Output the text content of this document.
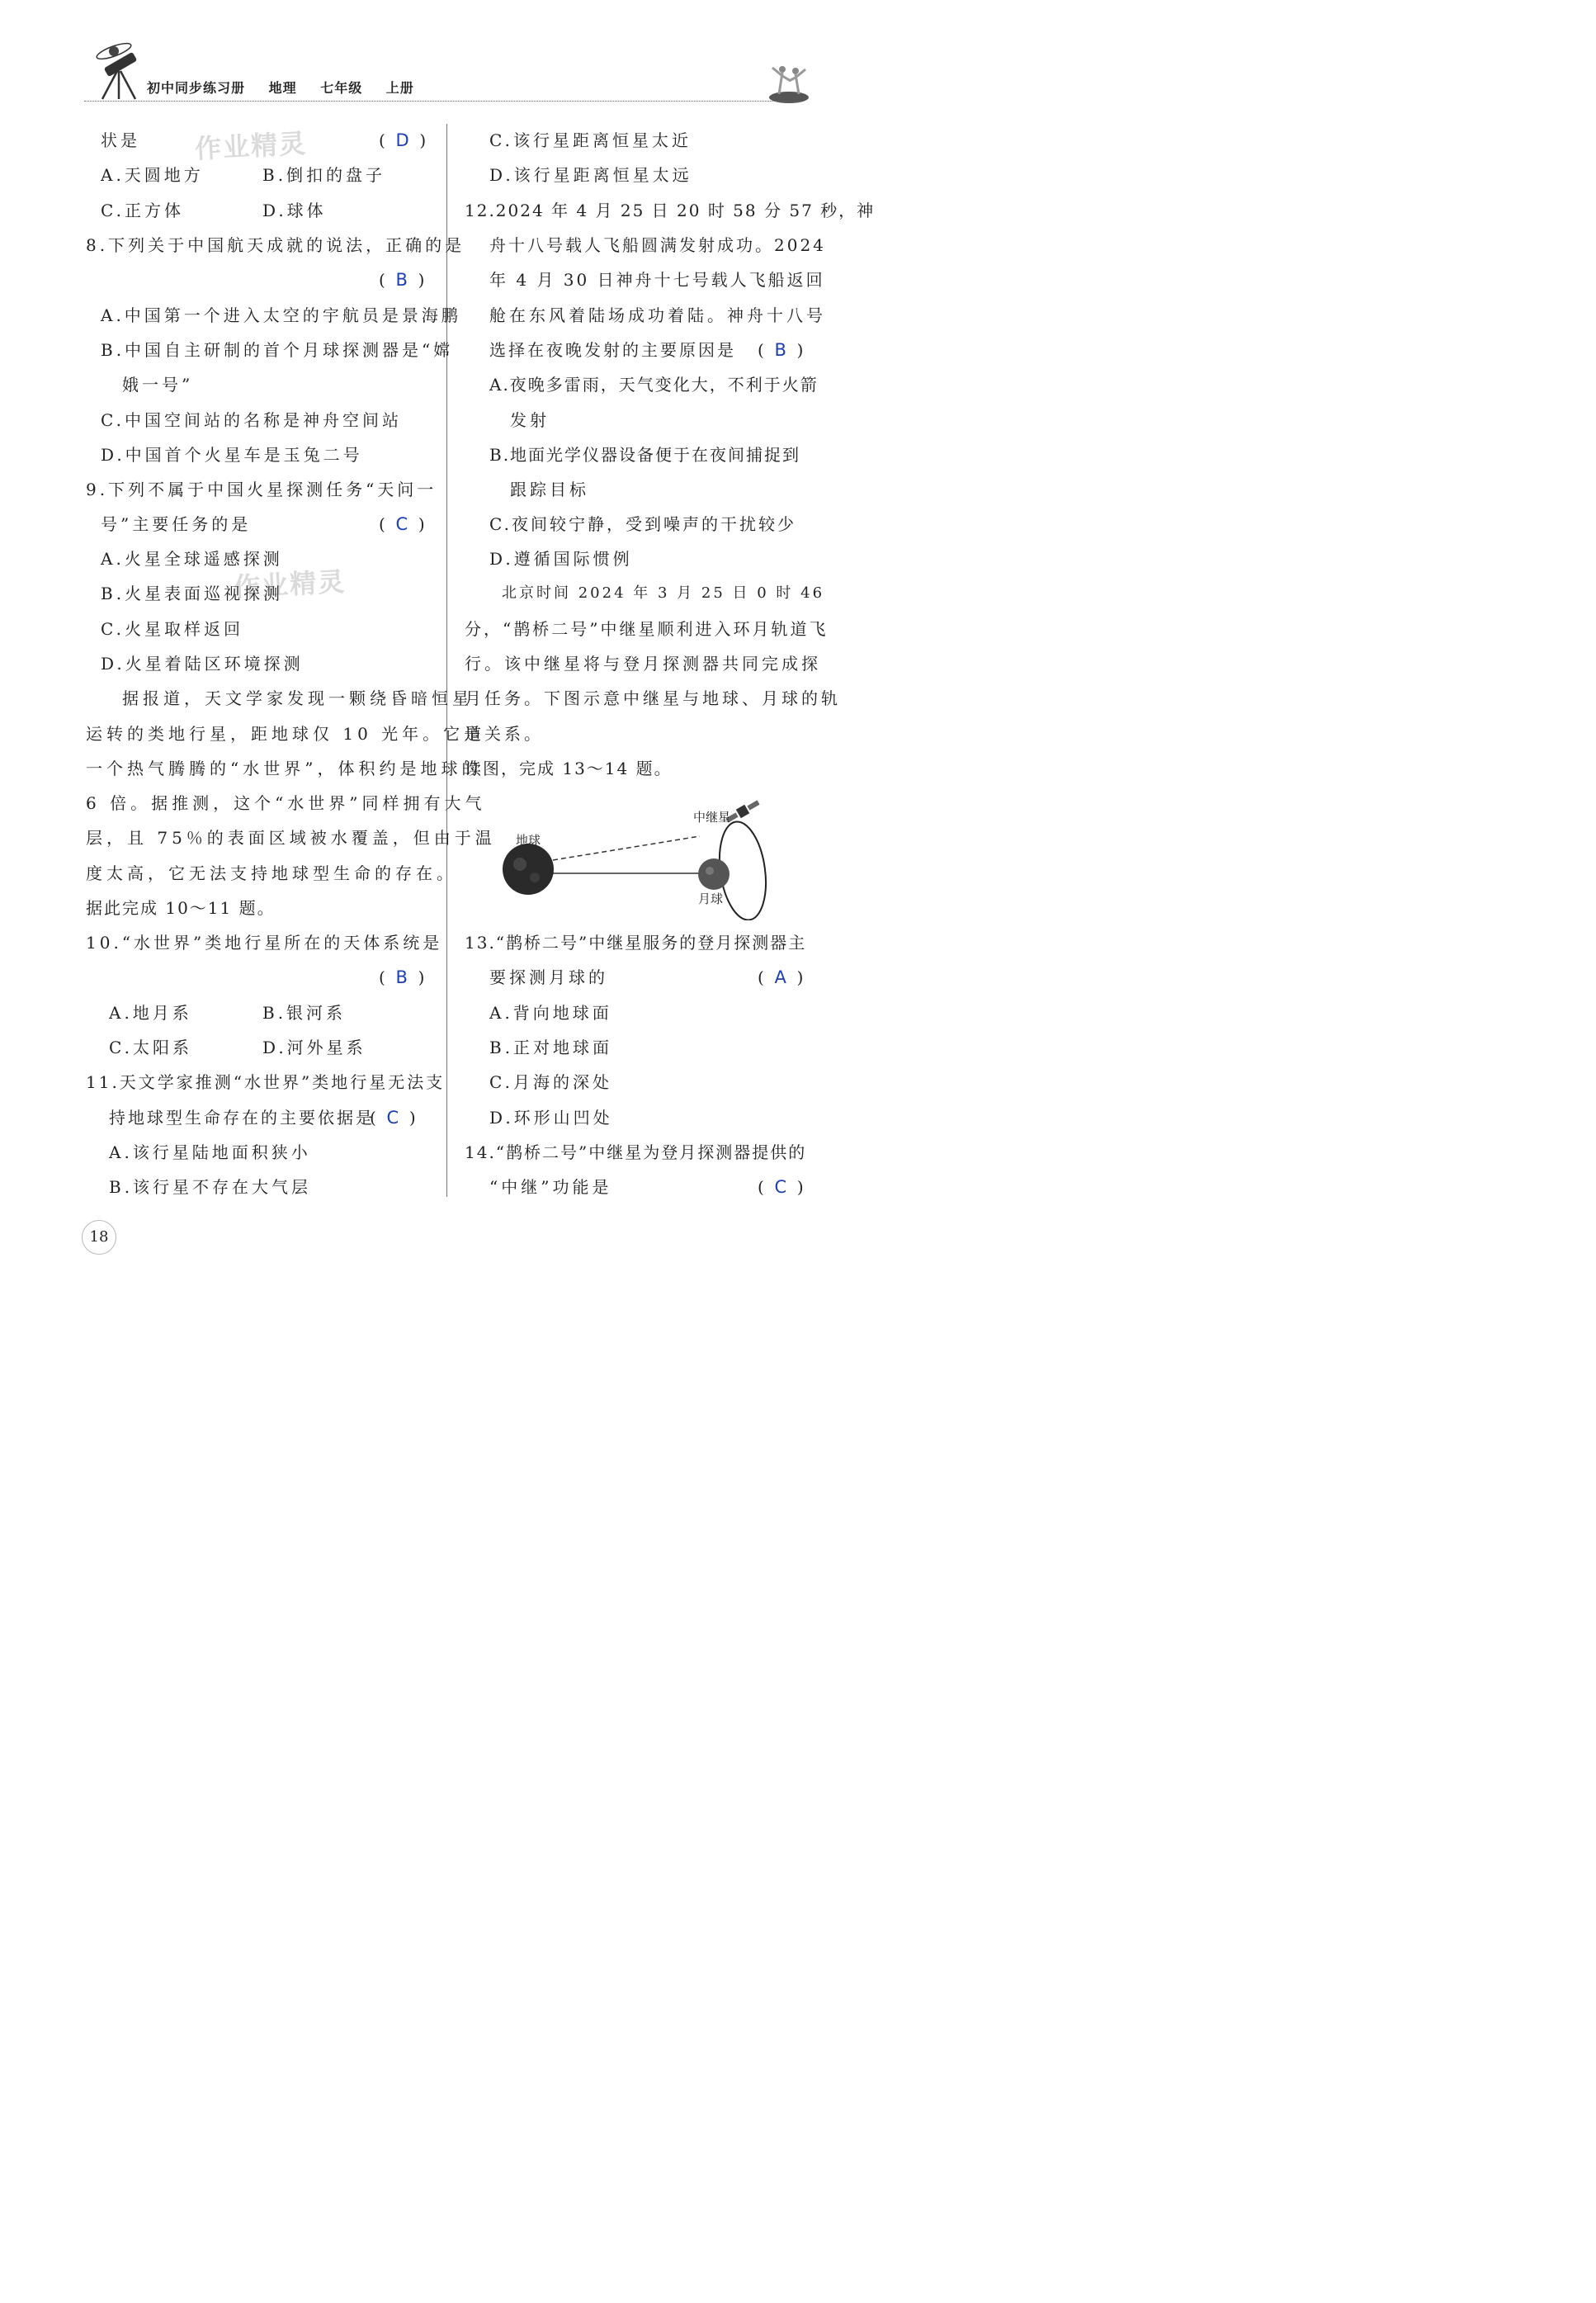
初中同步练习册 地理 七年级 上册
作业精灵
作业精灵
状是	(  D  )
A.天圆地方	B.倒扣的盘子
C.正方体	D.球体
8.下列关于中国航天成就的说法，正确的是
(  B  )
A.中国第一个进入太空的宇航员是景海鹏
B.中国自主研制的首个月球探测器是“嫦
娥一号”
C.中国空间站的名称是神舟空间站
D.中国首个火星车是玉兔二号
9.下列不属于中国火星探测任务“天问一
号”主要任务的是	(  C  )
A.火星全球遥感探测
B.火星表面巡视探测
C.火星取样返回
D.火星着陆区环境探测
据报道，天文学家发现一颗绕昏暗恒星
运转的类地行星，距地球仅 10 光年。它是
一个热气腾腾的“水世界”，体积约是地球的
6 倍。据推测，这个“水世界”同样拥有大气
层，且 75％的表面区域被水覆盖，但由于温
度太高，它无法支持地球型生命的存在。
据此完成 10～11 题。
10.“水世界”类地行星所在的天体系统是
(  B  )
A.地月系	B.银河系
C.太阳系	D.河外星系
11.天文学家推测“水世界”类地行星无法支
持地球型生命存在的主要依据是
(  C  )
A.该行星陆地面积狭小
B.该行星不存在大气层
C.该行星距离恒星太近
D.该行星距离恒星太远
12.2024 年 4 月 25 日 20 时 58 分 57 秒，神
舟十八号载人飞船圆满发射成功。2024
年 4 月 30 日神舟十七号载人飞船返回
舱在东风着陆场成功着陆。神舟十八号
选择在夜晚发射的主要原因是 (  B  )
A.夜晚多雷雨，天气变化大，不利于火箭
发射
B.地面光学仪器设备便于在夜间捕捉到
跟踪目标
C.夜间较宁静，受到噪声的干扰较少
D.遵循国际惯例
北京时间 2024 年 3 月 25 日 0 时 46
分，“鹊桥二号”中继星顺利进入环月轨道飞
行。该中继星将与登月探测器共同完成探
月任务。下图示意中继星与地球、月球的轨
道关系。
读图，完成 13～14 题。
地球
月球
中继星
13.“鹊桥二号”中继星服务的登月探测器主
要探测月球的	(  A  )
A.背向地球面
B.正对地球面
C.月海的深处
D.环形山凹处
14.“鹊桥二号”中继星为登月探测器提供的
“中继”功能是	(  C  )
18
